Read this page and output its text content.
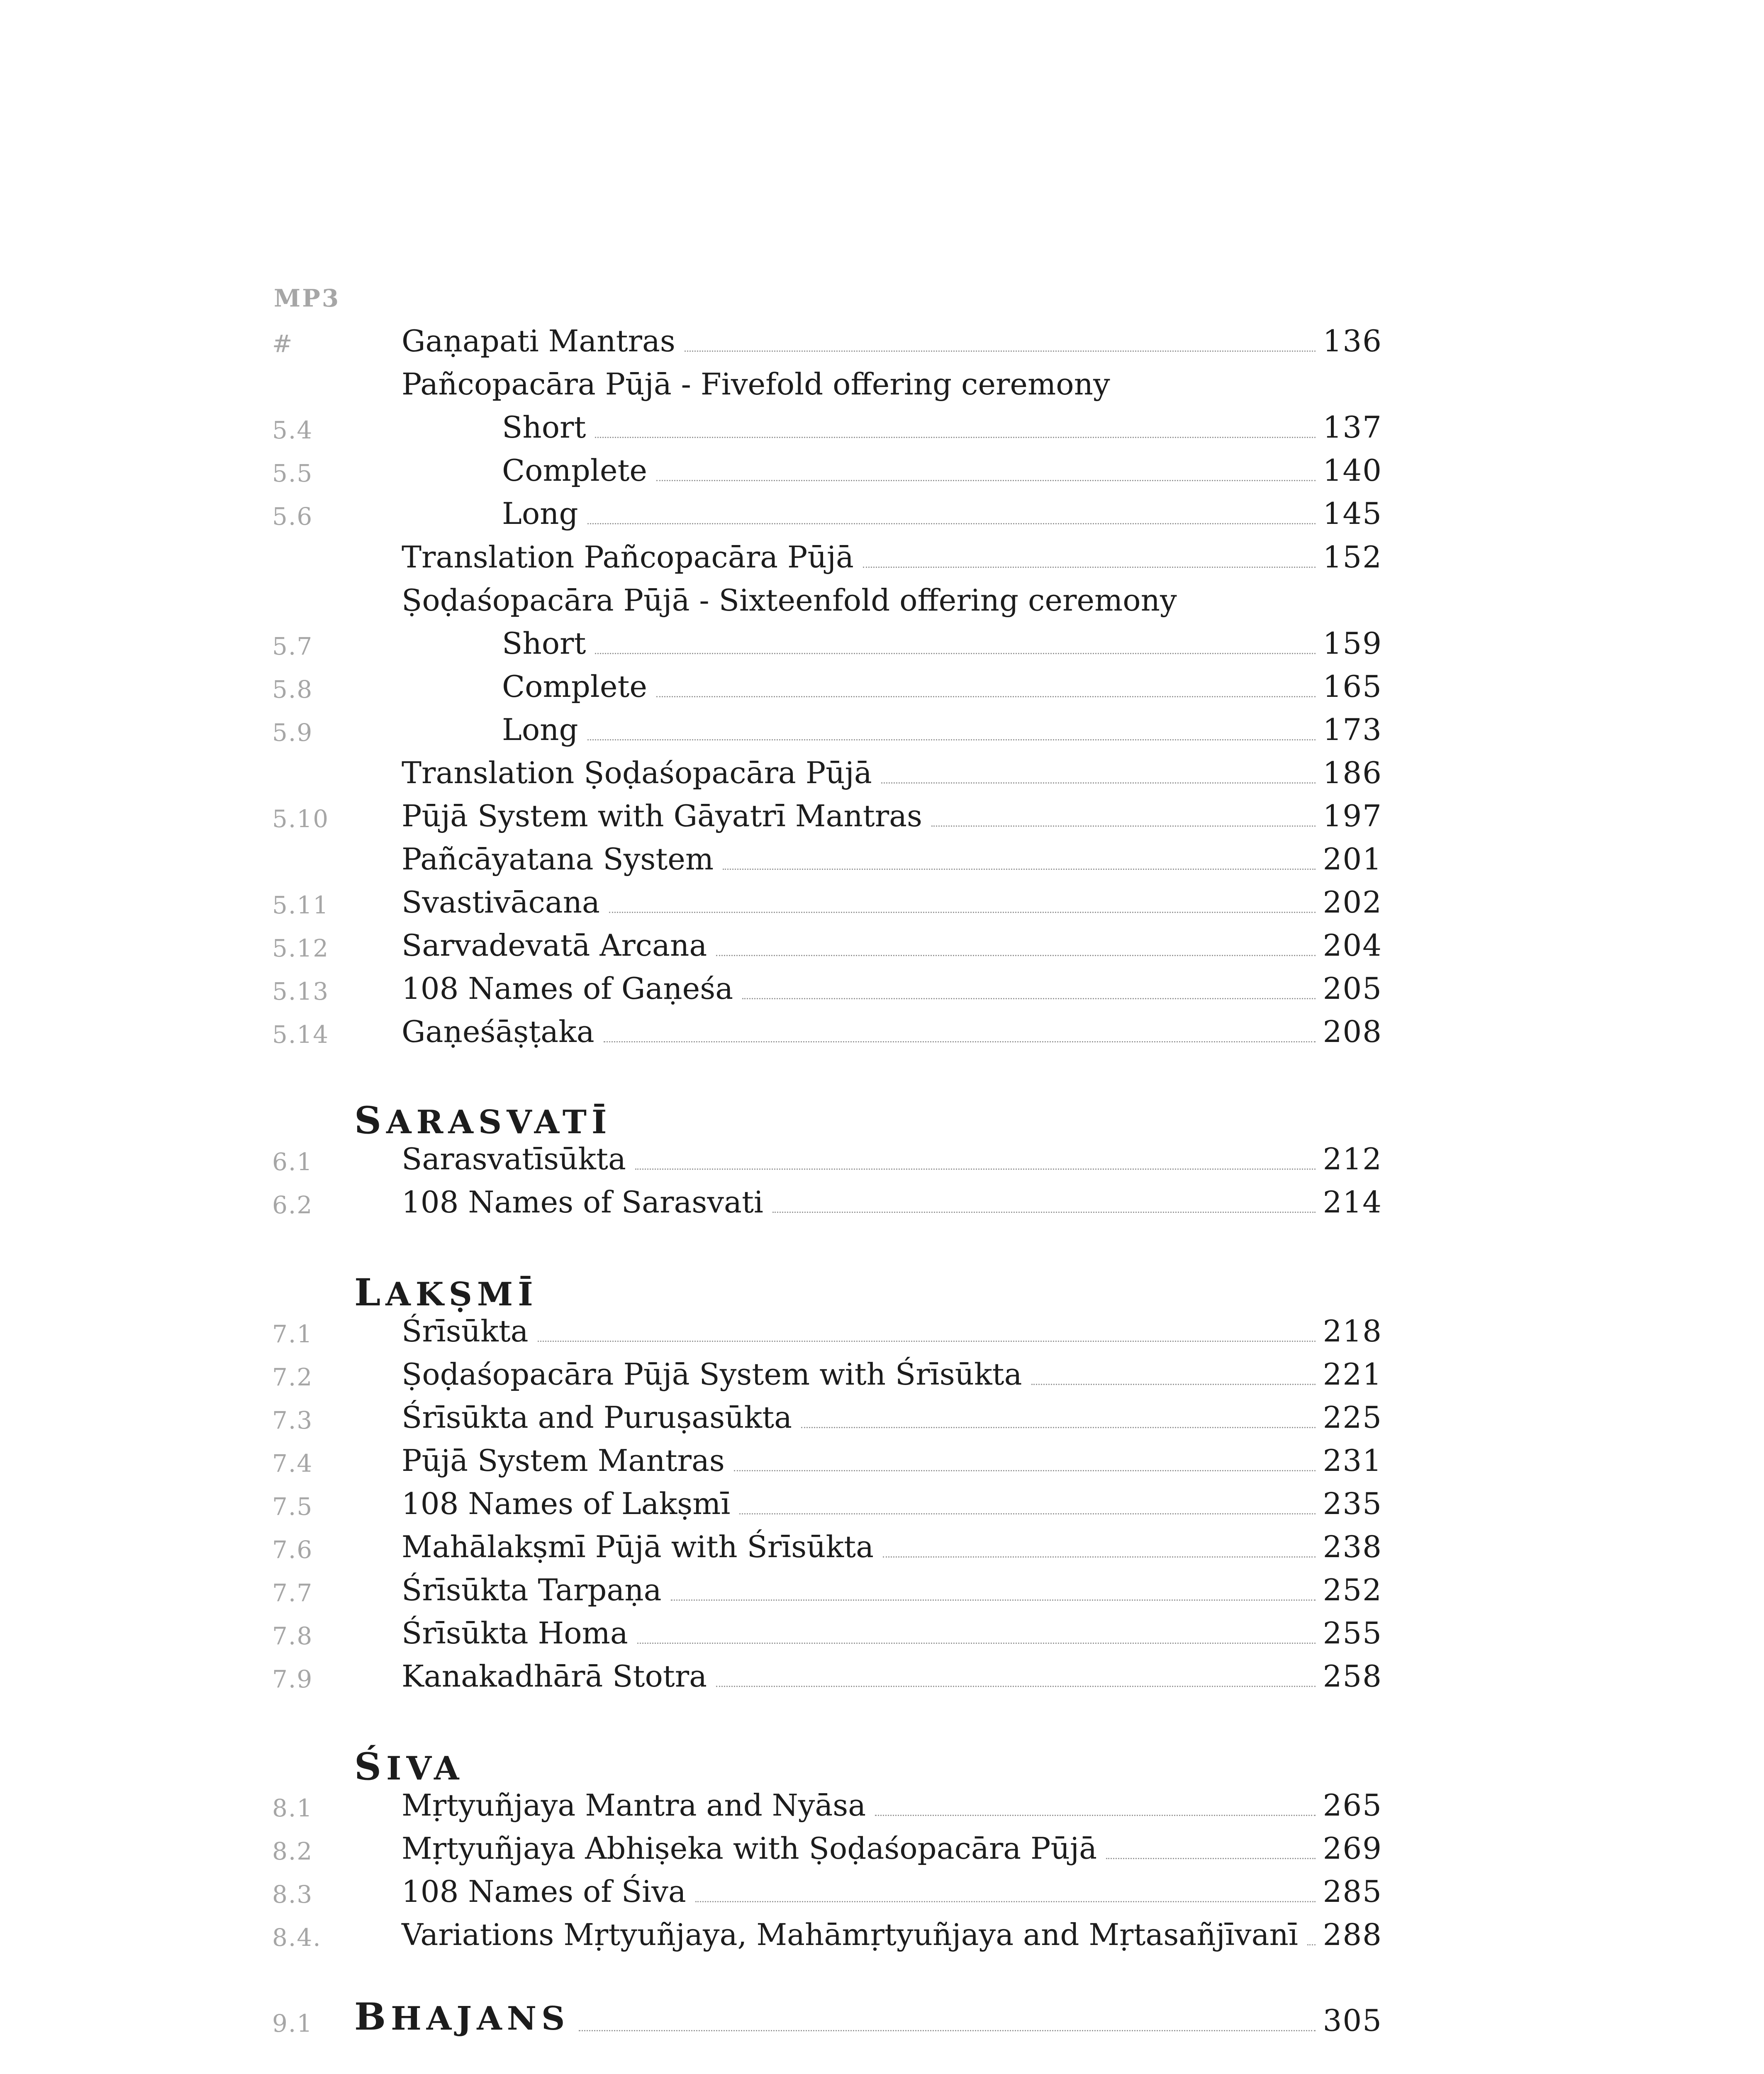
MP3
#	Gaṇapati Mantras	136
Pañcopacāra Pūjā - Fivefold offering ceremony
5.4	Short	137
5.5	Complete	140
5.6	Long	145
Translation Pañcopacāra Pūjā	152
Ṣoḍaśopacāra Pūjā - Sixteenfold offering ceremony
5.7	Short	159
5.8	Complete	165
5.9	Long	173
Translation Ṣoḍaśopacāra Pūjā	186
5.10 Pūjā System with Gāyatrī Mantras	197
Pañcāyatana System	201
5.11 Svastivācana	202
5.12 Sarvadevatā Arcana	204
5.13 108 Names of Gaṇeśa	205
5.14 Gaṇeśāṣṭaka	208
SARASVATĪ
6.1	Sarasvatīsūkta	212
6.2	108 Names of Sarasvati	214
LAKṢMĪ
7.1	Śrīsūkta	218
7.2	Ṣoḍaśopacāra Pūjā System with Śrīsūkta	221
7.3	Śrīsūkta and Puruṣasūkta	225
7.4	Pūjā System Mantras	231
7.5	108 Names of Lakṣmī	235
7.6	Mahālakṣmī Pūjā with Śrīsūkta	238
7.7	Śrīsūkta Tarpaṇa	252
7.8	Śrīsūkta Homa	255
7.9	Kanakadhārā Stotra	258
ŚIVA
8.1	Mṛtyuñjaya Mantra and Nyāsa	265
8.2	Mṛtyuñjaya Abhiṣeka with Ṣoḍaśopacāra Pūjā	269
8.3	108 Names of Śiva	285
8.4.	Variations Mṛtyuñjaya, Mahāmṛtyuñjaya and Mṛtasañjīvanī 288
9.1 BHAJANS	305
